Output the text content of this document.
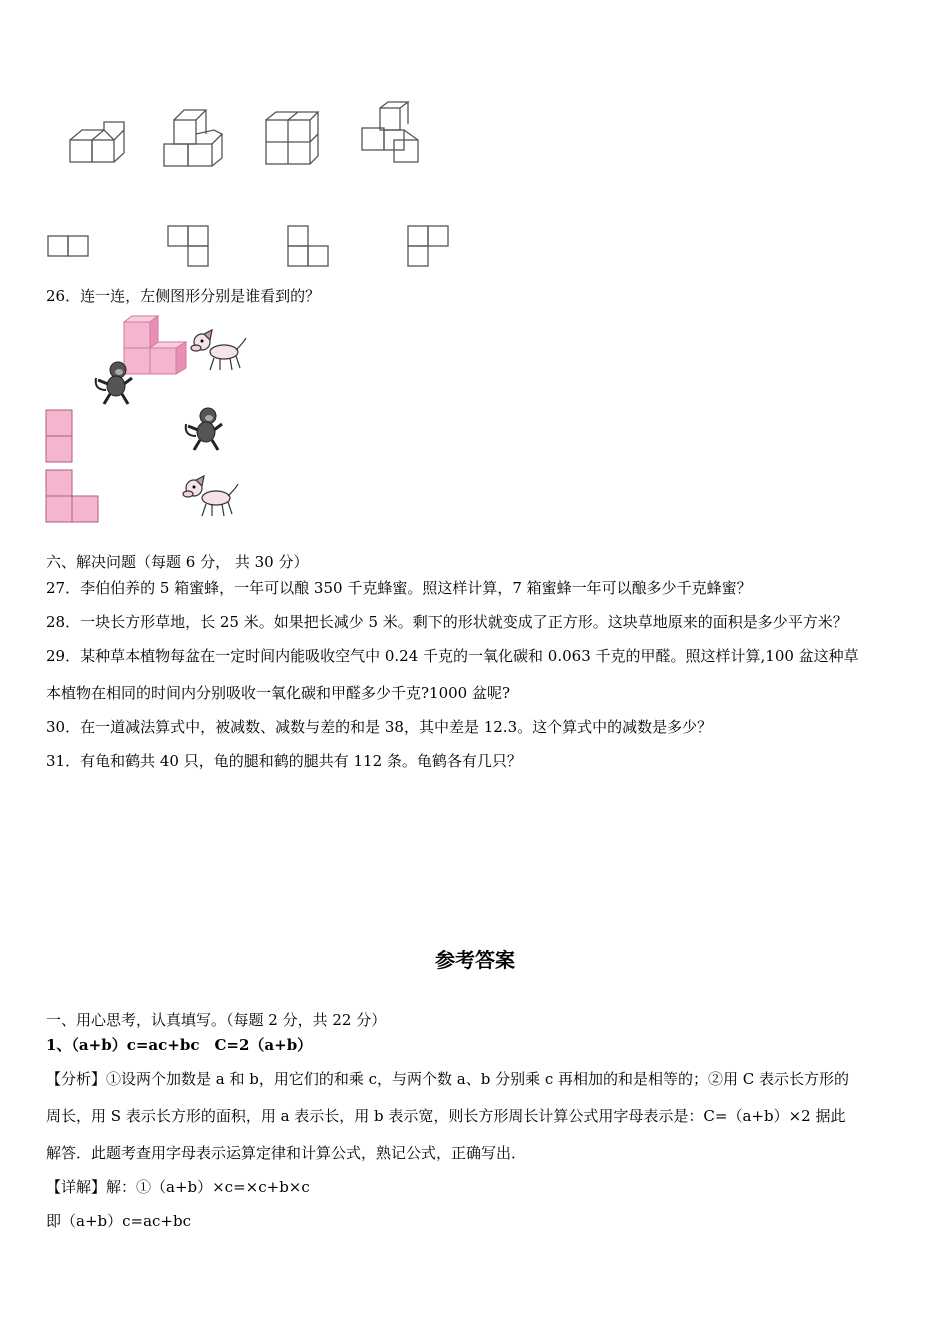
26．连一连，左侧图形分别是谁看到的？
六、解决问题（每题 6 分， 共 30 分）
27．李伯伯养的 5 箱蜜蜂，一年可以酿 350 千克蜂蜜。照这样计算，7 箱蜜蜂一年可以酿多少千克蜂蜜？
28．一块长方形草地，长 25 米。如果把长减少 5 米。剩下的形状就变成了正方形。这块草地原来的面积是多少平方米？
29．某种草本植物每盆在一定时间内能吸收空气中 0.24 千克的一氧化碳和 0.063 千克的甲醛。照这样计算,100 盆这种草
本植物在相同的时间内分别吸收一氧化碳和甲醛多少千克?1000 盆呢?
30．在一道减法算式中，被减数、减数与差的和是 38，其中差是 12.3。这个算式中的减数是多少？
31．有龟和鹤共 40 只，龟的腿和鹤的腿共有 112 条。龟鹤各有几只？
参考答案
一、用心思考，认真填写。（每题 2 分，共 22 分）
1、（a+b）c=ac+bc　C=2（a+b）
【分析】①设两个加数是 a 和 b，用它们的和乘 c，与两个数 a、b 分别乘 c 再相加的和是相等的；②用 C 表示长方形的
周长，用 S 表示长方形的面积，用 a 表示长，用 b 表示宽，则长方形周长计算公式用字母表示是：C=（a+b）×2 据此
解答．此题考查用字母表示运算定律和计算公式，熟记公式，正确写出．
【详解】解：①（a+b）×c=×c+b×c
即（a+b）c=ac+bc
